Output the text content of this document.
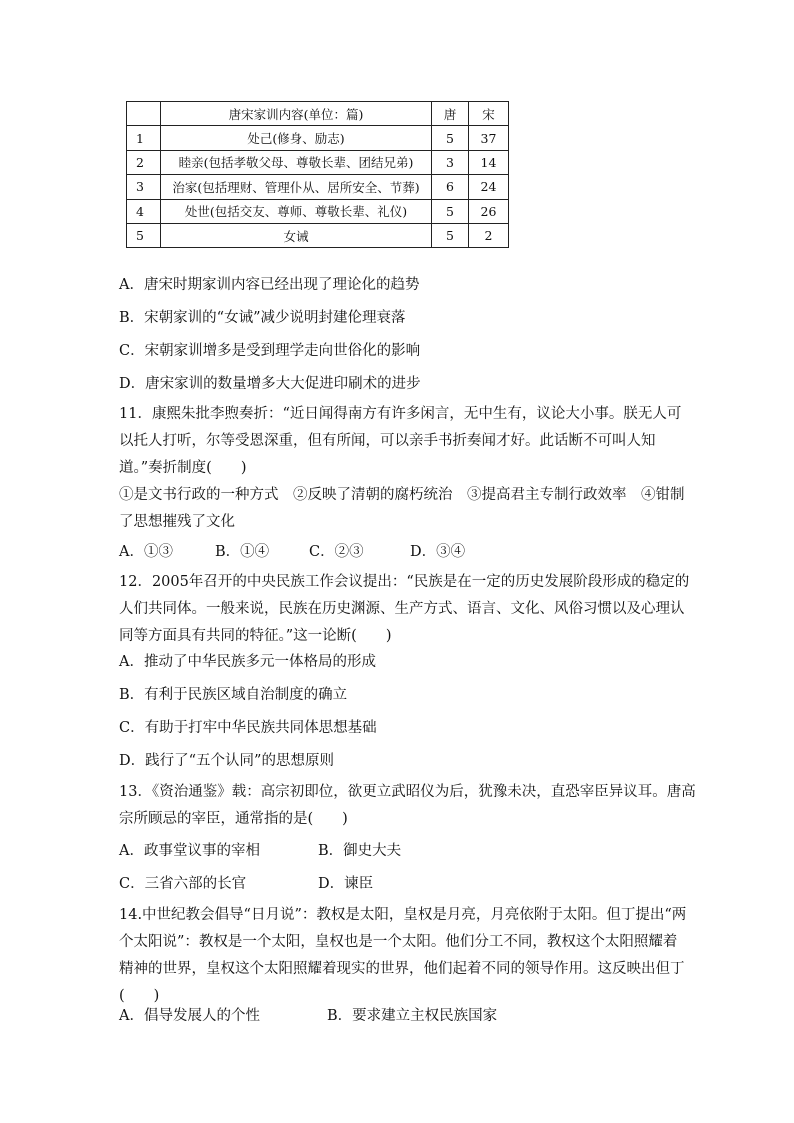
	唐宋家训内容(单位：篇)	唐	宋
1	处己(修身、励志)	5	37
2	睦亲(包括孝敬父母、尊敬长辈、团结兄弟)	3	14
3	治家(包括理财、管理仆从、居所安全、节葬)	6	24
4	处世(包括交友、尊师、尊敬长辈、礼仪)	5	26
5	女诫	5	2
A．唐宋时期家训内容已经出现了理论化的趋势
B．宋朝家训的“女诫”减少说明封建伦理衰落
C．宋朝家训增多是受到理学走向世俗化的影响
D．唐宋家训的数量增多大大促进印刷术的进步
11．康熙朱批李煦奏折：“近日闻得南方有许多闲言，无中生有，议论大小事。朕无人可以托人打听，尔等受恩深重，但有所闻，可以亲手书折奏闻才好。此话断不可叫人知道。”奏折制度(　　)
①是文书行政的一种方式　②反映了清朝的腐朽统治　③提高君主专制行政效率　④钳制了思想摧残了文化
A．①③	B．①④	C．②③	D．③④
12．2005年召开的中央民族工作会议提出：“民族是在一定的历史发展阶段形成的稳定的人们共同体。一般来说，民族在历史渊源、生产方式、语言、文化、风俗习惯以及心理认同等方面具有共同的特征。”这一论断(　　)
A．推动了中华民族多元一体格局的形成
B．有利于民族区域自治制度的确立
C．有助于打牢中华民族共同体思想基础
D．践行了“五个认同”的思想原则
13．《资治通鉴》载：高宗初即位，欲更立武昭仪为后，犹豫未决，直恐宰臣异议耳。唐高宗所顾忌的宰臣，通常指的是(　　)
A．政事堂议事的宰相	B．御史大夫
C．三省六部的长官	D．谏臣
14.中世纪教会倡导“日月说”：教权是太阳，皇权是月亮，月亮依附于太阳。但丁提出“两个太阳说”：教权是一个太阳，皇权也是一个太阳。他们分工不同，教权这个太阳照耀着精神的世界，皇权这个太阳照耀着现实的世界，他们起着不同的领导作用。这反映出但丁(　　)
A．倡导发展人的个性	B．要求建立主权民族国家
